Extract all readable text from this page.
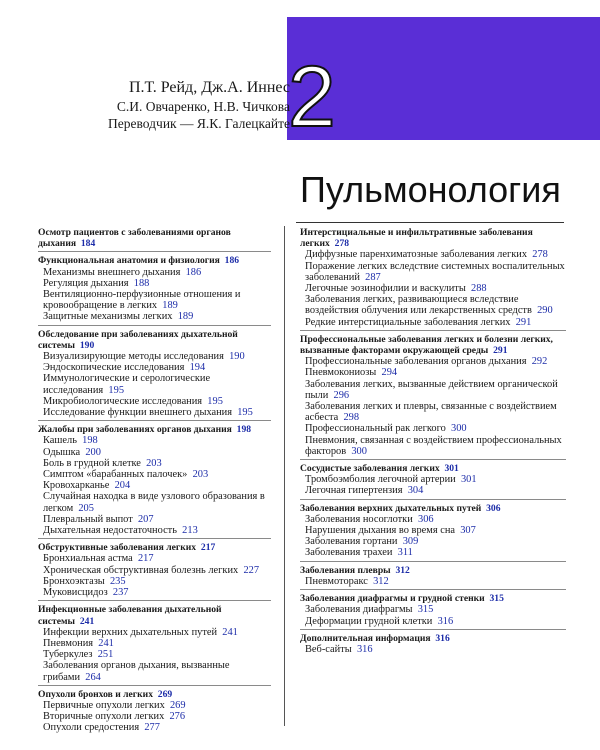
2
П.Т. Рейд, Дж.А. Иннес
С.И. Овчаренко, Н.В. Чичкова
Переводчик — Я.К. Галецкайте
Пульмонология
Осмотр пациентов с заболеваниями органов дыхания 184
Функциональная анатомия и физиология 186
Механизмы внешнего дыхания 186
Регуляция дыхания 188
Вентиляционно-перфузионные отношения и кровообращение в легких 189
Защитные механизмы легких 189
Обследование при заболеваниях дыхательной системы 190
Визуализирующие методы исследования 190
Эндоскопические исследования 194
Иммунологические и серологические исследования 195
Микробиологические исследования 195
Исследование функции внешнего дыхания 195
Жалобы при заболеваниях органов дыхания 198
Кашель 198
Одышка 200
Боль в грудной клетке 203
Симптом «барабанных палочек» 203
Кровохарканье 204
Случайная находка в виде узлового образования в легком 205
Плевральный выпот 207
Дыхательная недостаточность 213
Обструктивные заболевания легких 217
Бронхиальная астма 217
Хроническая обструктивная болезнь легких 227
Бронхоэктазы 235
Муковисцидоз 237
Инфекционные заболевания дыхательной системы 241
Инфекции верхних дыхательных путей 241
Пневмония 241
Туберкулез 251
Заболевания органов дыхания, вызванные грибами 264
Опухоли бронхов и легких 269
Первичные опухоли легких 269
Вторичные опухоли легких 276
Опухоли средостения 277
Интерстициальные и инфильтративные заболевания легких 278
Диффузные паренхиматозные заболевания легких 278
Поражение легких вследствие системных воспалительных заболеваний 287
Легочные эозинофилии и васкулиты 288
Заболевания легких, развивающиеся вследствие воздействия облучения или лекарственных средств 290
Редкие интерстициальные заболевания легких 291
Профессиональные заболевания легких и болезни легких, вызванные факторами окружающей среды 291
Профессиональные заболевания органов дыхания 292
Пневмокониозы 294
Заболевания легких, вызванные действием органической пыли 296
Заболевания легких и плевры, связанные с воздействием асбеста 298
Профессиональный рак легкого 300
Пневмония, связанная с воздействием профессиональных факторов 300
Сосудистые заболевания легких 301
Тромбоэмболия легочной артерии 301
Легочная гипертензия 304
Заболевания верхних дыхательных путей 306
Заболевания носоглотки 306
Нарушения дыхания во время сна 307
Заболевания гортани 309
Заболевания трахеи 311
Заболевания плевры 312
Пневмоторакс 312
Заболевания диафрагмы и грудной стенки 315
Заболевания диафрагмы 315
Деформации грудной клетки 316
Дополнительная информация 316
Веб-сайты 316
